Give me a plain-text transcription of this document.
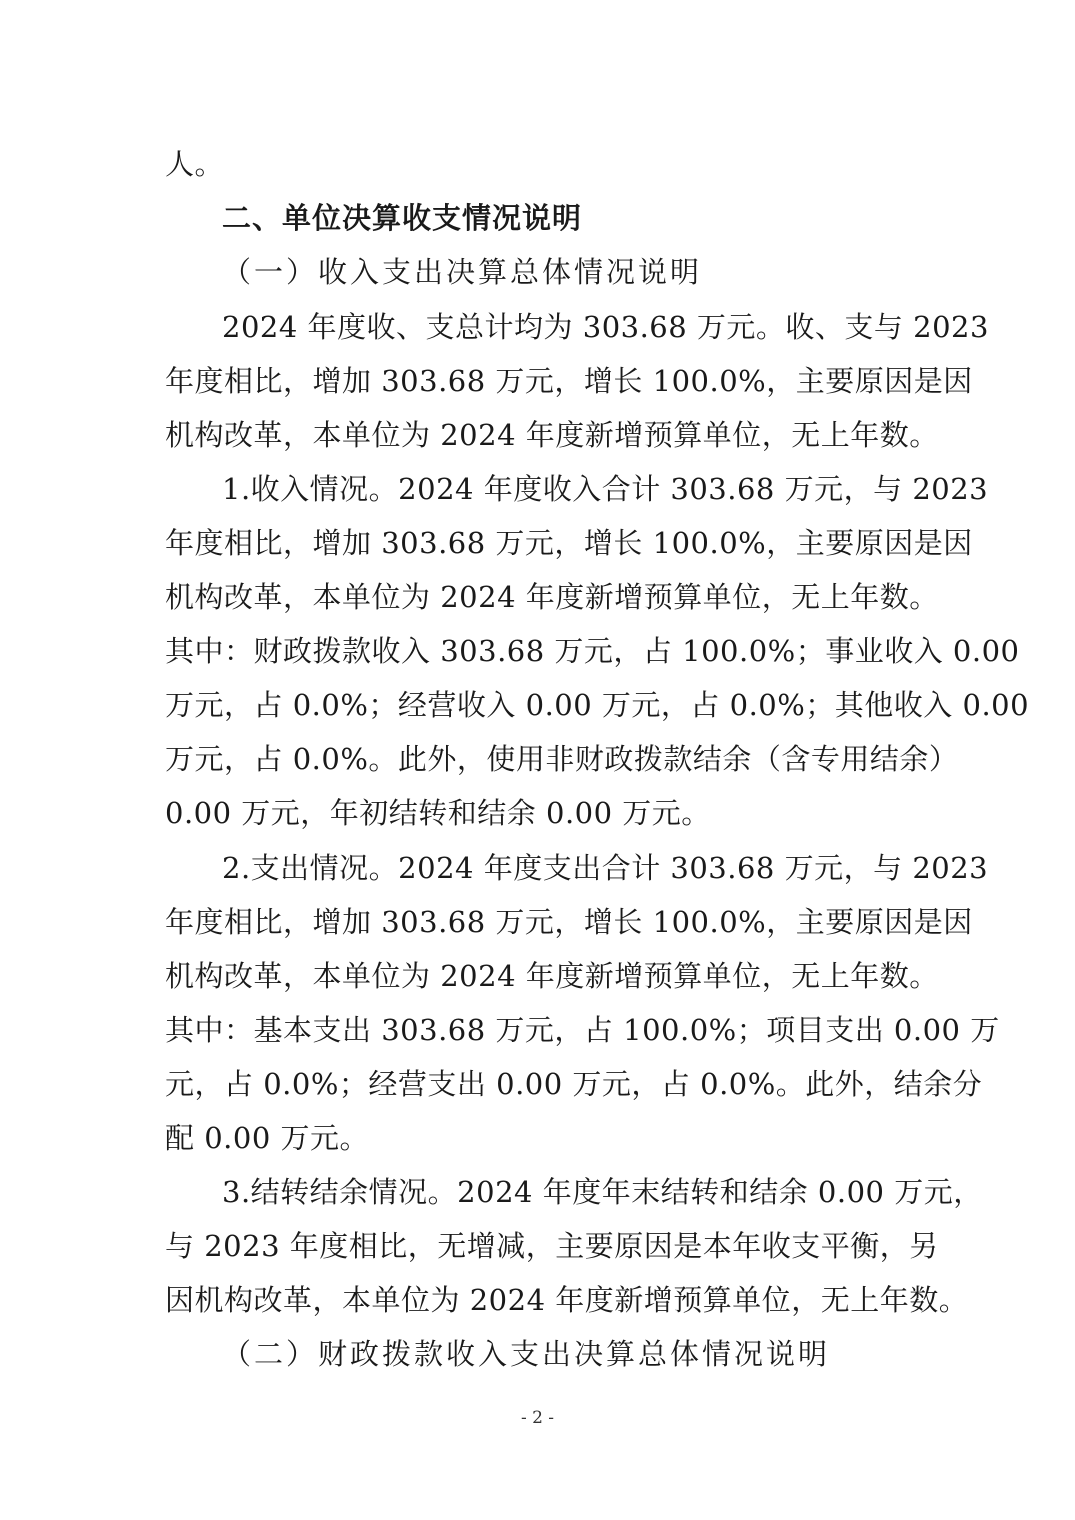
人。
二、单位决算收支情况说明
（一）收入支出决算总体情况说明
2024 年度收、支总计均为 303.68 万元。收、支与 2023
年度相比，增加 303.68 万元，增长 100.0%，主要原因是因
机构改革，本单位为 2024 年度新增预算单位，无上年数。
1.收入情况。2024 年度收入合计 303.68 万元，与 2023
年度相比，增加 303.68 万元，增长 100.0%，主要原因是因
机构改革，本单位为 2024 年度新增预算单位，无上年数。
其中：财政拨款收入 303.68 万元，占 100.0%；事业收入 0.00
万元，占 0.0%；经营收入 0.00 万元，占 0.0%；其他收入 0.00
万元，占 0.0%。此外，使用非财政拨款结余（含专用结余）
0.00 万元，年初结转和结余 0.00 万元。
2.支出情况。2024 年度支出合计 303.68 万元，与 2023
年度相比，增加 303.68 万元，增长 100.0%，主要原因是因
机构改革，本单位为 2024 年度新增预算单位，无上年数。
其中：基本支出 303.68 万元，占 100.0%；项目支出 0.00 万
元，占 0.0%；经营支出 0.00 万元，占 0.0%。此外，结余分
配 0.00 万元。
3.结转结余情况。2024 年度年末结转和结余 0.00 万元，
与 2023 年度相比，无增减，主要原因是本年收支平衡，另
因机构改革，本单位为 2024 年度新增预算单位，无上年数。
（二）财政拨款收入支出决算总体情况说明
- 2 -
